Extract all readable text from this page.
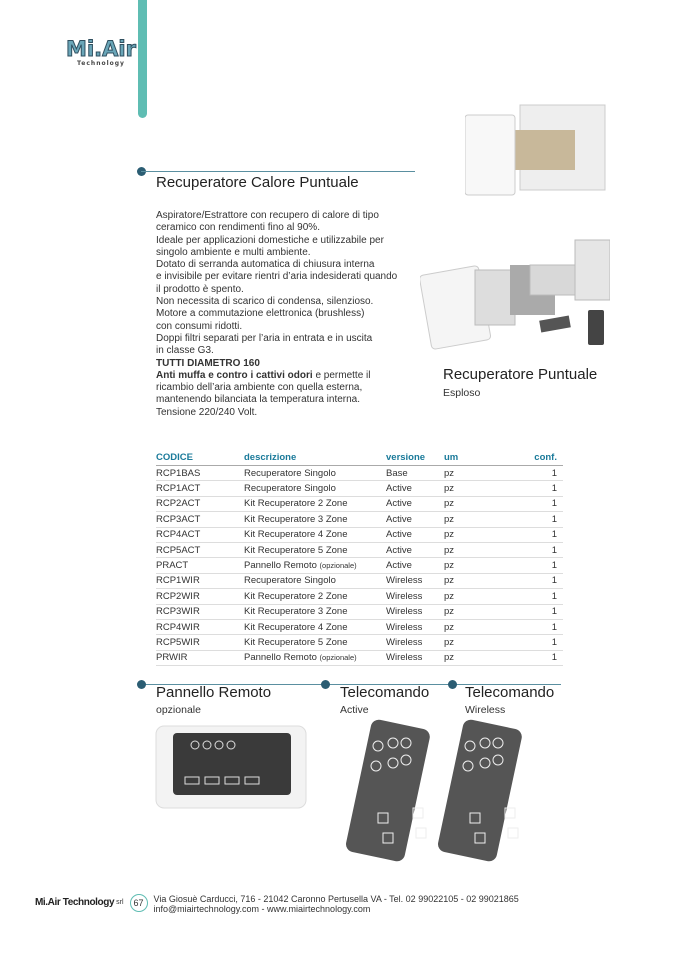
Mi.Air
Technology
Recuperatore Puntuale
Esploso
Recuperatore Calore Puntuale
Aspiratore/Estrattore con recupero di calore di tipo
ceramico con rendimenti fino al 90%.
Ideale per applicazioni domestiche e utilizzabile per
singolo ambiente e multi ambiente.
Dotato di serranda automatica di chiusura interna
e invisibile per evitare rientri d’aria indesiderati quando
il prodotto è spento.
Non necessita di scarico di condensa, silenzioso.
Motore a commutazione elettronica (brushless)
con consumi ridotti.
Doppi filtri separati per l’aria in entrata e in uscita
in classe G3.
TUTTI DIAMETRO 160
Anti muffa e contro i cattivi odori e permette il
ricambio dell’aria ambiente con quella esterna,
mantenendo bilanciata la temperatura interna.
Tensione 220/240 Volt.
CODICE	descrizione	versione	um	conf.
RCP1BAS	Recuperatore Singolo	Base	pz	1
RCP1ACT	Recuperatore Singolo	Active	pz	1
RCP2ACT	Kit Recuperatore 2 Zone	Active	pz	1
RCP3ACT	Kit Recuperatore 3 Zone	Active	pz	1
RCP4ACT	Kit Recuperatore 4 Zone	Active	pz	1
RCP5ACT	Kit Recuperatore 5 Zone	Active	pz	1
PRACT	Pannello Remoto (opzionale)	Active	pz	1
RCP1WIR	Recuperatore Singolo	Wireless	pz	1
RCP2WIR	Kit Recuperatore 2 Zone	Wireless	pz	1
RCP3WIR	Kit Recuperatore 3 Zone	Wireless	pz	1
RCP4WIR	Kit Recuperatore 4 Zone	Wireless	pz	1
RCP5WIR	Kit Recuperatore 5 Zone	Wireless	pz	1
PRWIR	Pannello Remoto (opzionale)	Wireless	pz	1
Pannello Remoto
opzionale
Telecomando
Active
Telecomando
Wireless
Mi.Air Technology srl	67	Via Giosuè Carducci, 716 - 21042 Caronno Pertusella VA - Tel. 02 99022105 - 02 99021865
info@miairtechnology.com - www.miairtechnology.com
